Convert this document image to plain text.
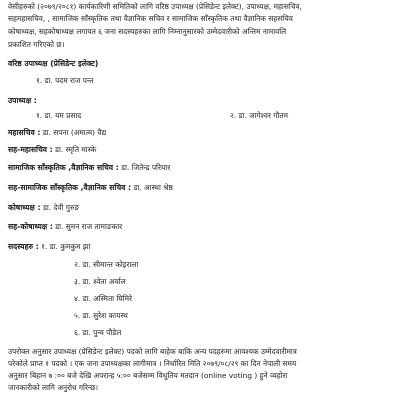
वेसीहरुको (२०७९/२०८१) कार्यकारिणी समितिको लागि वरिष्ठ उपाध्यक्ष (प्रेसिडेन्ट इलेक्ट), उपाध्यक्ष, महासचिव,
सहमहासचिव, , सामाजिक साँस्कृतिक तथा वैज्ञानिक सचिव र सामाजिक साँस्कृतिक तथा वैज्ञानिक सहसचिव
कोषाध्यक्ष, सहकोषाध्यक्ष लगायत ६ जना सदस्यहरुका लागि निम्नानुसारको उम्मेदवारीको अन्तिम नामावलि
प्रकाशित गरिएको छ।
वरिष्ठ उपाध्यक्ष (प्रेसिडेन्ट इलेक्ट)
१. डा. पदम राज पन्त
उपाध्यक्ष :
१. डा. यम प्रसाद	२. डा. जागेश्वर गौतम
महासचिव : डा. सपना (अमात्य) वैद्य
सह-महासचिव : डा. स्मृति मास्के
सामाजिक साँस्कृतिक ,वैज्ञानिक सचिव : डा. जितेन्द्र परियार
सह-सामाजिक साँस्कृतिक ,वैज्ञानिक सचिव : डा. आस्था श्रेष्ठ
कोषाध्यक्ष : डा. देवी गुरुङ
सह-कोषाध्यक्ष : डा. सुमन राज तामाङकार
सदस्यहरु : १. डा. कुमकुम झा
२. डा. सीमान्त कोइराला
३. डा. श्वेता अर्याल
४. डा. अस्मिता घिमिरे
५. डा. सुरेश कायस्थ
६. डा. पुन्य पौडेल
उपरोक्त अनुसार उपाध्यक्ष (प्रेसिडेन्ट इलेक्ट) पदको लागि बाहेक बाकि अन्य पदहरुमा आवश्यक उम्मेदवारीमात्र
परेकोले प्राप्त १ पदको । एक जना उपाध्यक्षका लागीमात्र । निर्धारित मिति २०७९/०८/२९ का दिन नेपाली समय
अनुसार बिहान ७ :०० बजे देखि अपरान्ह ५:०० बजेसम्म विधुतिय मतदान (online voting ) हुने व्यहोरा
जानकारीको लागि अनुरोध गरिन्छ।
